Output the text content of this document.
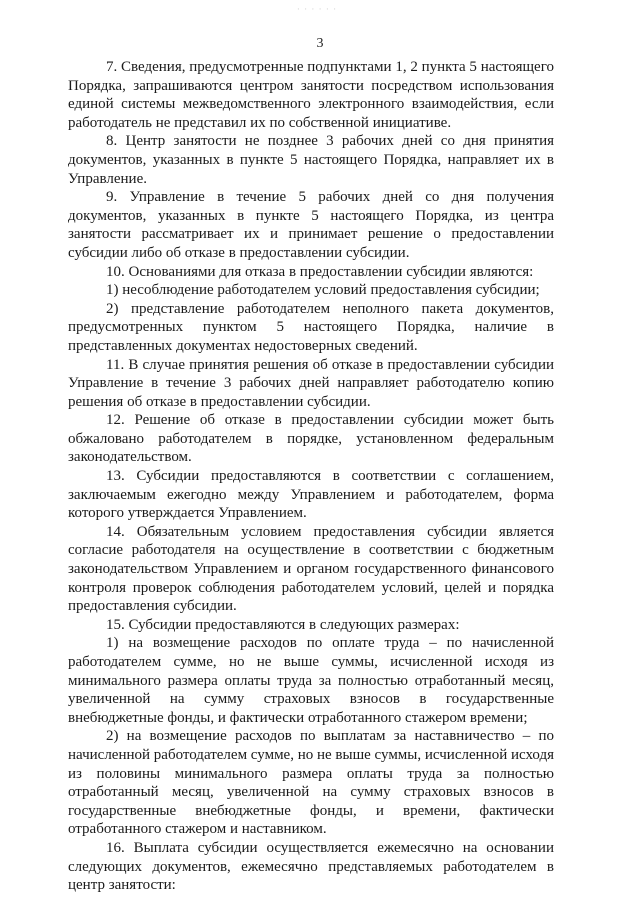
· · · · · ·
3

7. Сведения, предусмотренные подпунктами 1, 2 пункта 5 настоящего Порядка, запрашиваются центром занятости посредством использования единой системы межведомственного электронного взаимодействия, если работодатель не представил их по собственной инициативе.

8. Центр занятости не позднее 3 рабочих дней со дня принятия документов, указанных в пункте 5 настоящего Порядка, направляет их в Управление.

9. Управление в течение 5 рабочих дней со дня получения документов, указанных в пункте 5 настоящего Порядка, из центра занятости рассматривает их и принимает решение о предоставлении субсидии либо об отказе в предоставлении субсидии.

10. Основаниями для отказа в предоставлении субсидии являются:

1) несоблюдение работодателем условий предоставления субсидии;

2) представление работодателем неполного пакета документов, предусмотренных пунктом 5 настоящего Порядка, наличие в представленных документах недостоверных сведений.

11. В случае принятия решения об отказе в предоставлении субсидии Управление в течение 3 рабочих дней направляет работодателю копию решения об отказе в предоставлении субсидии.

12. Решение об отказе в предоставлении субсидии может быть обжаловано работодателем в порядке, установленном федеральным законодательством.

13. Субсидии предоставляются в соответствии с соглашением, заключаемым ежегодно между Управлением и работодателем, форма которого утверждается Управлением.

14. Обязательным условием предоставления субсидии является согласие работодателя на осуществление в соответствии с бюджетным законодательством Управлением и органом государственного финансового контроля проверок соблюдения работодателем условий, целей и порядка предоставления субсидии.

15. Субсидии предоставляются в следующих размерах:

1) на возмещение расходов по оплате труда – по начисленной работодателем сумме, но не выше суммы, исчисленной исходя из минимального размера оплаты труда за полностью отработанный месяц, увеличенной на сумму страховых взносов в государственные внебюджетные фонды, и фактически отработанного стажером времени;

2) на возмещение расходов по выплатам за наставничество – по начисленной работодателем сумме, но не выше суммы, исчисленной исходя из половины минимального размера оплаты труда за полностью отработанный месяц, увеличенной на сумму страховых взносов в государственные внебюджетные фонды, и времени, фактически отработанного стажером и наставником.

16. Выплата субсидии осуществляется ежемесячно на основании следующих документов, ежемесячно представляемых работодателем в центр занятости:
